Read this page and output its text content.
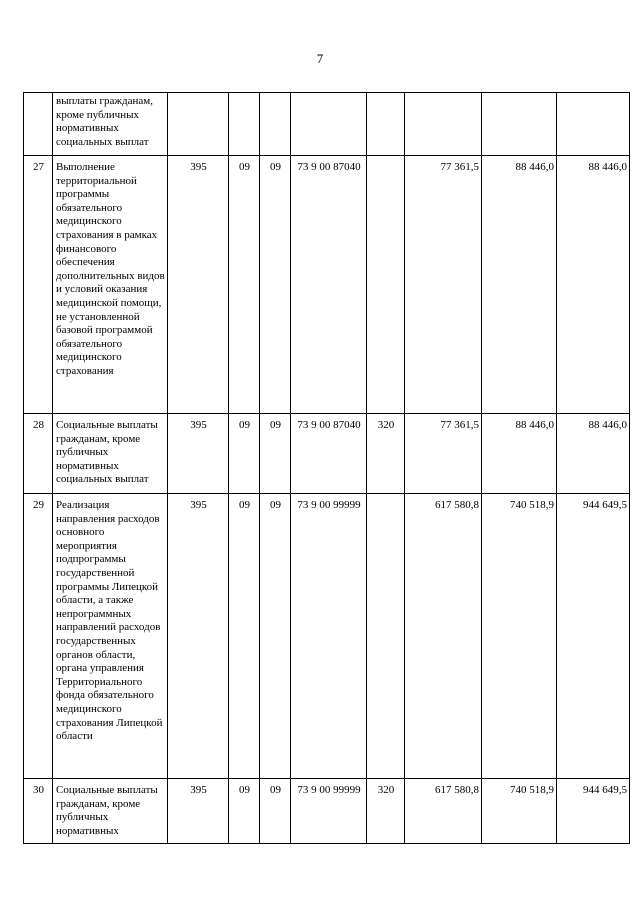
7
	выплаты гражданам, кроме публичных нормативных социальных выплат								
27	Выполнение территориальной программы обязательного медицинского страхования в рамках финансового обеспечения дополнительных видов и условий оказания медицинской помощи, не установленной базовой программой обязательного медицинского страхования	395	09	09	73 9 00 87040		77 361,5	88 446,0	88 446,0
28	Социальные выплаты гражданам, кроме публичных нормативных социальных выплат	395	09	09	73 9 00 87040	320	77 361,5	88 446,0	88 446,0
29	Реализация направления расходов основного мероприятия подпрограммы государственной программы Липецкой области, а также непрограммных направлений расходов государственных органов области, органа управления Территориального фонда обязательного медицинского страхования Липецкой области	395	09	09	73 9 00 99999		617 580,8	740 518,9	944 649,5
30	Социальные выплаты гражданам, кроме публичных нормативных	395	09	09	73 9 00 99999	320	617 580,8	740 518,9	944 649,5
